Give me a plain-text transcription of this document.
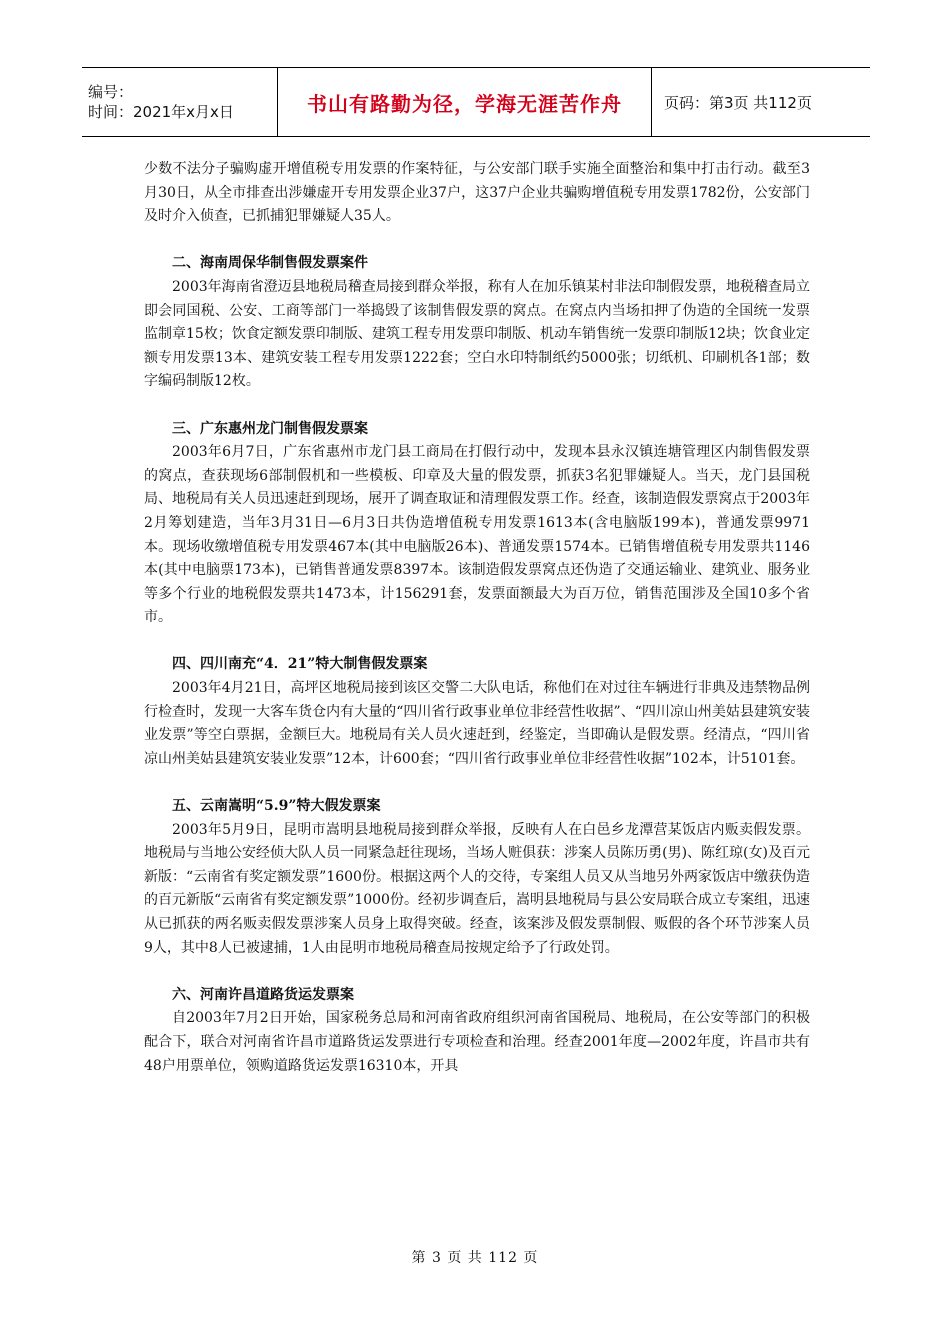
编号：
时间：2021年x月x日	书山有路勤为径，学海无涯苦作舟	页码：第3页 共112页

少数不法分子骗购虚开增值税专用发票的作案特征，与公安部门联手实施全面整治和集中打击行动。截至3月30日，从全市排查出涉嫌虚开专用发票企业37户，这37户企业共骗购增值税专用发票1782份，公安部门及时介入侦查，已抓捕犯罪嫌疑人35人。

二、海南周保华制售假发票案件

2003年海南省澄迈县地税局稽查局接到群众举报，称有人在加乐镇某村非法印制假发票，地税稽查局立即会同国税、公安、工商等部门一举捣毁了该制售假发票的窝点。在窝点内当场扣押了伪造的全国统一发票监制章15枚；饮食定额发票印制版、建筑工程专用发票印制版、机动车销售统一发票印制版12块；饮食业定额专用发票13本、建筑安装工程专用发票1222套；空白水印特制纸约5000张；切纸机、印刷机各1部；数字编码制版12枚。

三、广东惠州龙门制售假发票案

2003年6月7日，广东省惠州市龙门县工商局在打假行动中，发现本县永汉镇连塘管理区内制售假发票的窝点，查获现场6部制假机和一些模板、印章及大量的假发票，抓获3名犯罪嫌疑人。当天，龙门县国税局、地税局有关人员迅速赶到现场，展开了调查取证和清理假发票工作。经查，该制造假发票窝点于2003年2月筹划建造，当年3月31日—6月3日共伪造增值税专用发票1613本(含电脑版199本)，普通发票9971本。现场收缴增值税专用发票467本(其中电脑版26本)、普通发票1574本。已销售增值税专用发票共1146本(其中电脑票173本)，已销售普通发票8397本。该制造假发票窝点还伪造了交通运输业、建筑业、服务业等多个行业的地税假发票共1473本，计156291套，发票面额最大为百万位，销售范围涉及全国10多个省市。

四、四川南充“4．21”特大制售假发票案

2003年4月21日，高坪区地税局接到该区交警二大队电话，称他们在对过往车辆进行非典及违禁物品例行检查时，发现一大客车货仓内有大量的“四川省行政事业单位非经营性收据”、“四川凉山州美姑县建筑安装业发票”等空白票据，金额巨大。地税局有关人员火速赶到，经鉴定，当即确认是假发票。经清点，“四川省凉山州美姑县建筑安装业发票”12本，计600套；“四川省行政事业单位非经营性收据”102本，计5101套。

五、云南嵩明“5.9”特大假发票案

2003年5月9日，昆明市嵩明县地税局接到群众举报，反映有人在白邑乡龙潭营某饭店内贩卖假发票。地税局与当地公安经侦大队人员一同紧急赶往现场，当场人赃俱获：涉案人员陈历勇(男)、陈红琼(女)及百元新版：“云南省有奖定额发票”1600份。根据这两个人的交待，专案组人员又从当地另外两家饭店中缴获伪造的百元新版“云南省有奖定额发票”1000份。经初步调查后，嵩明县地税局与县公安局联合成立专案组，迅速从已抓获的两名贩卖假发票涉案人员身上取得突破。经查，该案涉及假发票制假、贩假的各个环节涉案人员9人，其中8人已被逮捕，1人由昆明市地税局稽查局按规定给予了行政处罚。

六、河南许昌道路货运发票案

自2003年7月2日开始，国家税务总局和河南省政府组织河南省国税局、地税局，在公安等部门的积极配合下，联合对河南省许昌市道路货运发票进行专项检查和治理。经查2001年度—2002年度，许昌市共有48户用票单位，领购道路货运发票16310本，开具

第 3 页 共 112 页
